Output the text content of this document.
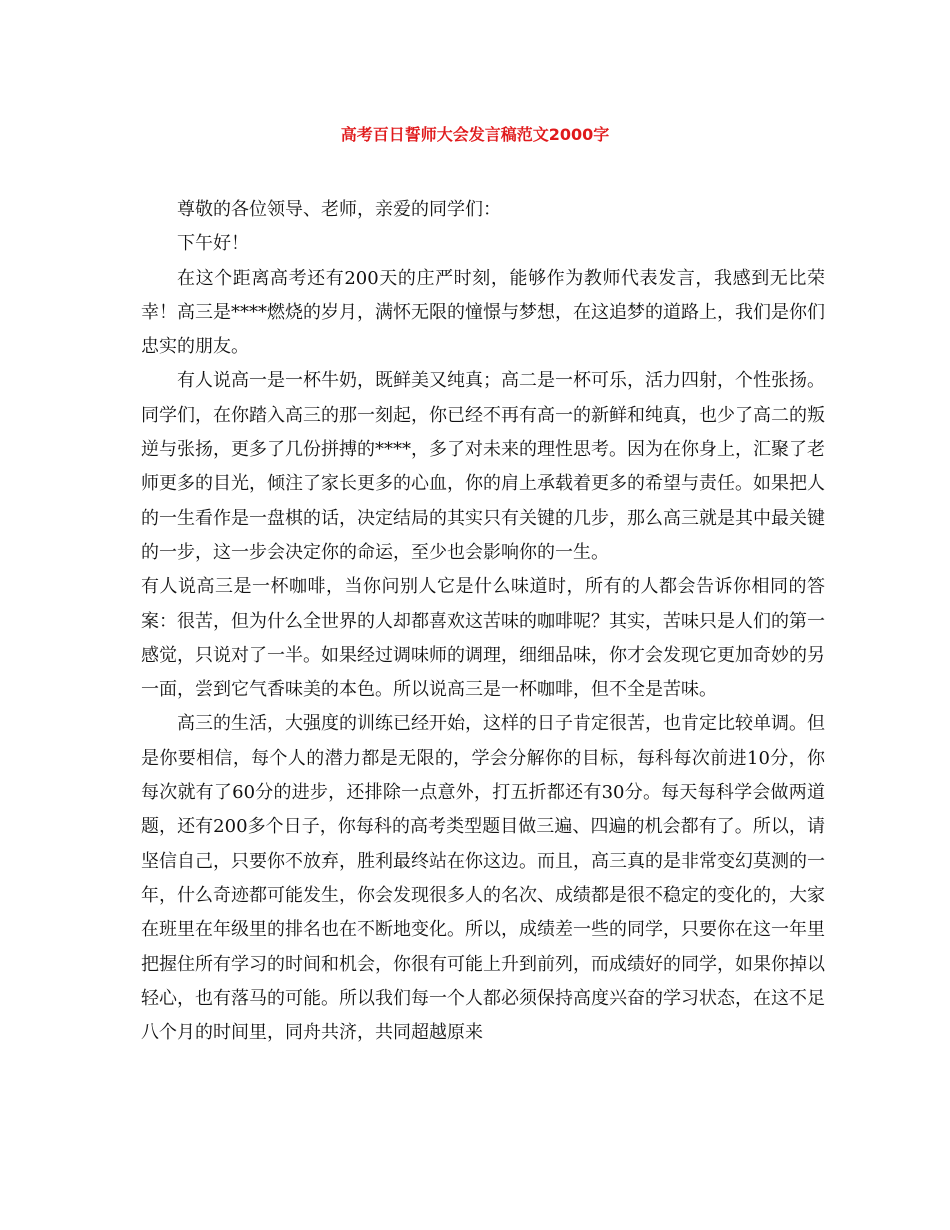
高考百日誓师大会发言稿范文2000字

尊敬的各位领导、老师，亲爱的同学们：

下午好！

在这个距离高考还有200天的庄严时刻，能够作为教师代表发言，我感到无比荣幸！高三是****燃烧的岁月，满怀无限的憧憬与梦想，在这追梦的道路上，我们是你们忠实的朋友。

有人说高一是一杯牛奶，既鲜美又纯真；高二是一杯可乐，活力四射，个性张扬。同学们，在你踏入高三的那一刻起，你已经不再有高一的新鲜和纯真，也少了高二的叛逆与张扬，更多了几份拼搏的****，多了对未来的理性思考。因为在你身上，汇聚了老师更多的目光，倾注了家长更多的心血，你的肩上承载着更多的希望与责任。如果把人的一生看作是一盘棋的话，决定结局的其实只有关键的几步，那么高三就是其中最关键的一步，这一步会决定你的命运，至少也会影响你的一生。

有人说高三是一杯咖啡，当你问别人它是什么味道时，所有的人都会告诉你相同的答案：很苦，但为什么全世界的人却都喜欢这苦味的咖啡呢？其实，苦味只是人们的第一感觉，只说对了一半。如果经过调味师的调理，细细品味，你才会发现它更加奇妙的另一面，尝到它气香味美的本色。所以说高三是一杯咖啡，但不全是苦味。

高三的生活，大强度的训练已经开始，这样的日子肯定很苦，也肯定比较单调。但是你要相信，每个人的潜力都是无限的，学会分解你的目标，每科每次前进10分，你每次就有了60分的进步，还排除一点意外，打五折都还有30分。每天每科学会做两道题，还有200多个日子，你每科的高考类型题目做三遍、四遍的机会都有了。所以，请坚信自己，只要你不放弃，胜利最终站在你这边。而且，高三真的是非常变幻莫测的一年，什么奇迹都可能发生，你会发现很多人的名次、成绩都是很不稳定的变化的，大家在班里在年级里的排名也在不断地变化。所以，成绩差一些的同学，只要你在这一年里把握住所有学习的时间和机会，你很有可能上升到前列，而成绩好的同学，如果你掉以轻心，也有落马的可能。所以我们每一个人都必须保持高度兴奋的学习状态，在这不足八个月的时间里，同舟共济，共同超越原来
